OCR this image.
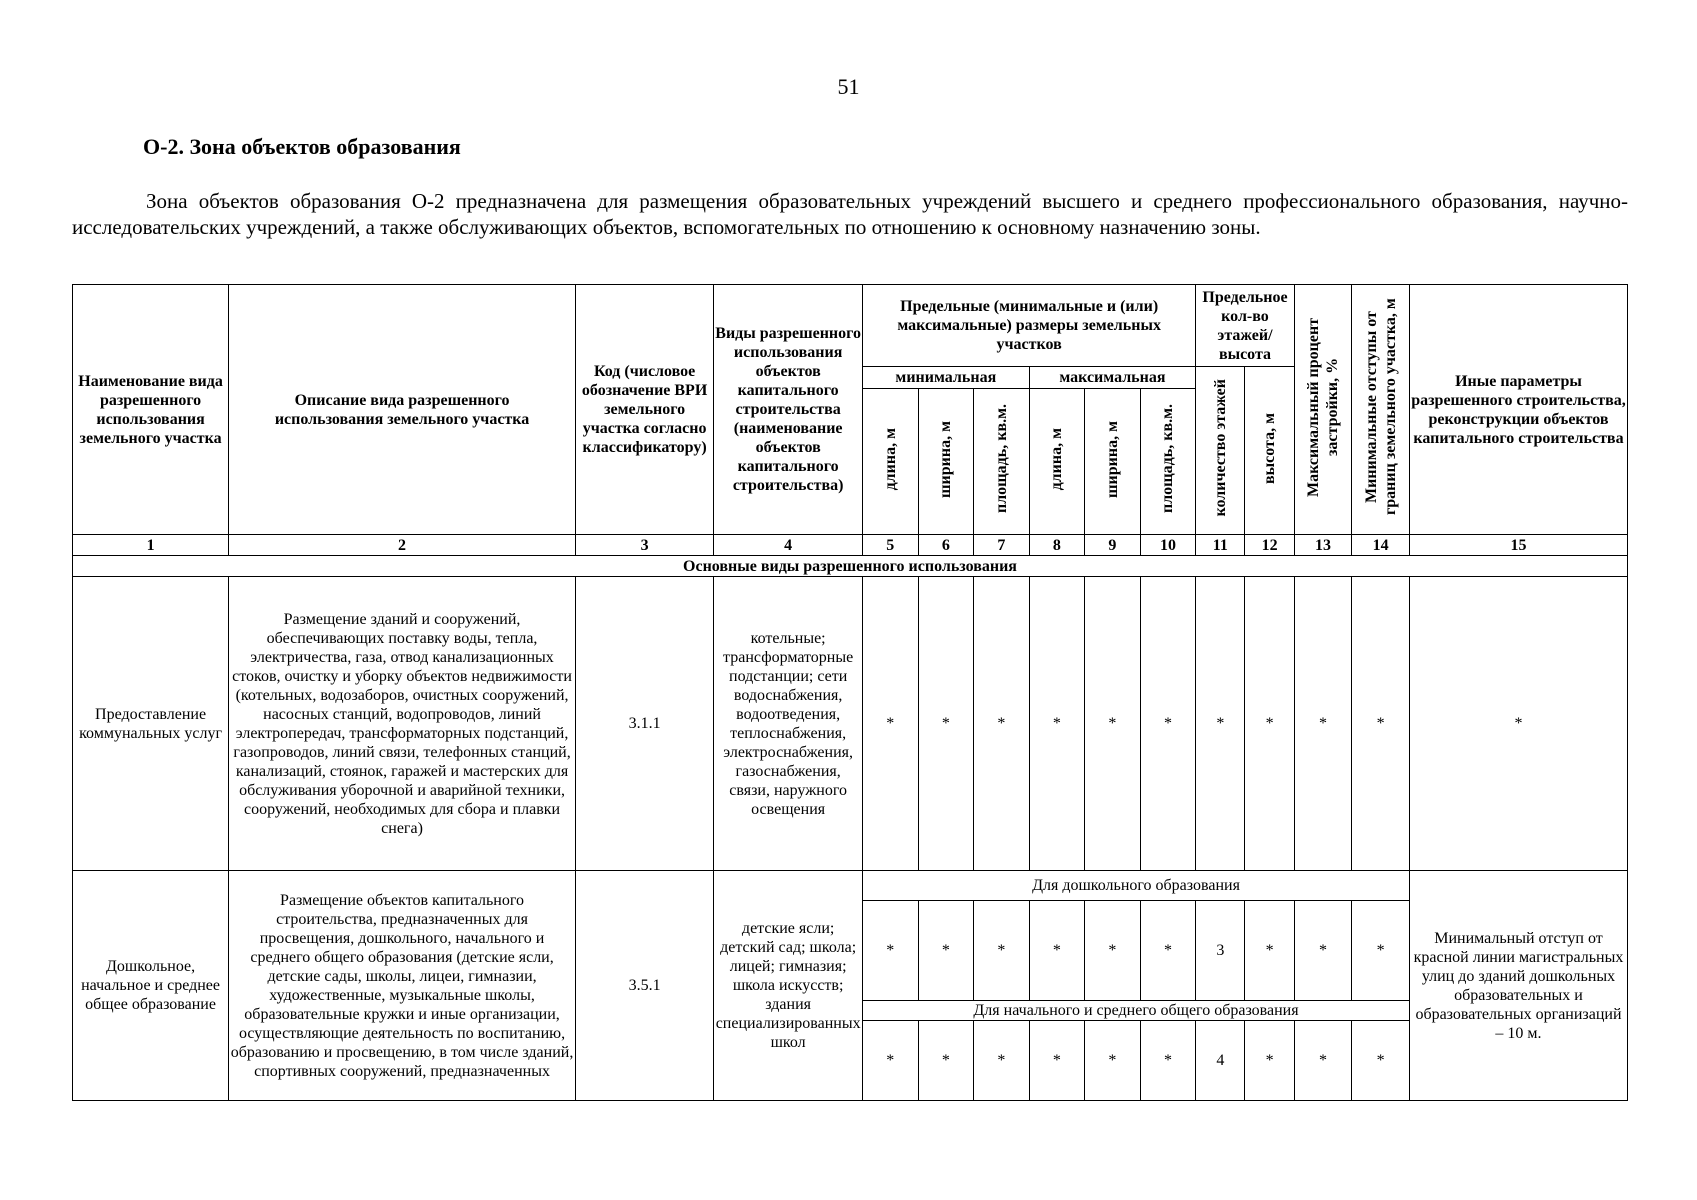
51
О-2. Зона объектов образования

Зона объектов образования О-2 предназначена для размещения образовательных учреждений высшего и среднего профессионального образования, научно-исследовательских учреждений, а также обслуживающих объектов, вспомогательных по отношению к основному назначению зоны.

Наименование вида разрешенного использования земельного участка	Описание вида разрешенного использования земельного участка	Код (числовое обозначение ВРИ земельного участка согласно классификатору)	Виды разрешенного использования объектов капитального строительства (наименование объектов капитального строительства)	Предельные (минимальные и (или) максимальные) размеры земельных участков						Предельное кол-во этажей/ высота		Максимальный процент застройки, %	Минимальные отступы от границ земельного участка, м	Иные параметры разрешенного строительства, реконструкции объектов капитального строительства
				минимальная			максимальная			количество этажей	высота, м			
				длина, м	ширина, м	площадь, кв.м.	длина, м	ширина, м	площадь, кв.м.					
1	2	3	4	5	6	7	8	9	10	11	12	13	14	15
Основные виды разрешенного использования														
Предоставление коммунальных услуг	Размещение зданий и сооружений, обеспечивающих поставку воды, тепла, электричества, газа, отвод канализационных стоков, очистку и уборку объектов недвижимости (котельных, водозаборов, очистных сооружений, насосных станций, водопроводов, линий электропередач, трансформаторных подстанций, газопроводов, линий связи, телефонных станций, канализаций, стоянок, гаражей и мастерских для обслуживания уборочной и аварийной техники, сооружений, необходимых для сбора и плавки снега)	3.1.1	котельные; трансформаторные подстанции; сети водоснабжения, водоотведения, теплоснабжения, электроснабжения, газоснабжения, связи, наружного освещения	*	*	*	*	*	*	*	*	*	*	*
Дошкольное, начальное и среднее общее образование	Размещение объектов капитального строительства, предназначенных для просвещения, дошкольного, начального и среднего общего образования (детские ясли, детские сады, школы, лицеи, гимназии, художественные, музыкальные школы, образовательные кружки и иные организации, осуществляющие деятельность по воспитанию, образованию и просвещению, в том числе зданий, спортивных сооружений, предназначенных	3.5.1	детские ясли; детский сад; школа; лицей; гимназия; школа искусств; здания специализированных школ	Для дошкольного образования										Минимальный отступ от красной линии магистральных улиц до зданий дошкольных образовательных и образовательных организаций – 10 м.
				*	*	*	*	*	*	3	*	*	*	
				Для начального и среднего общего образования										
				*	*	*	*	*	*	4	*	*	*	
